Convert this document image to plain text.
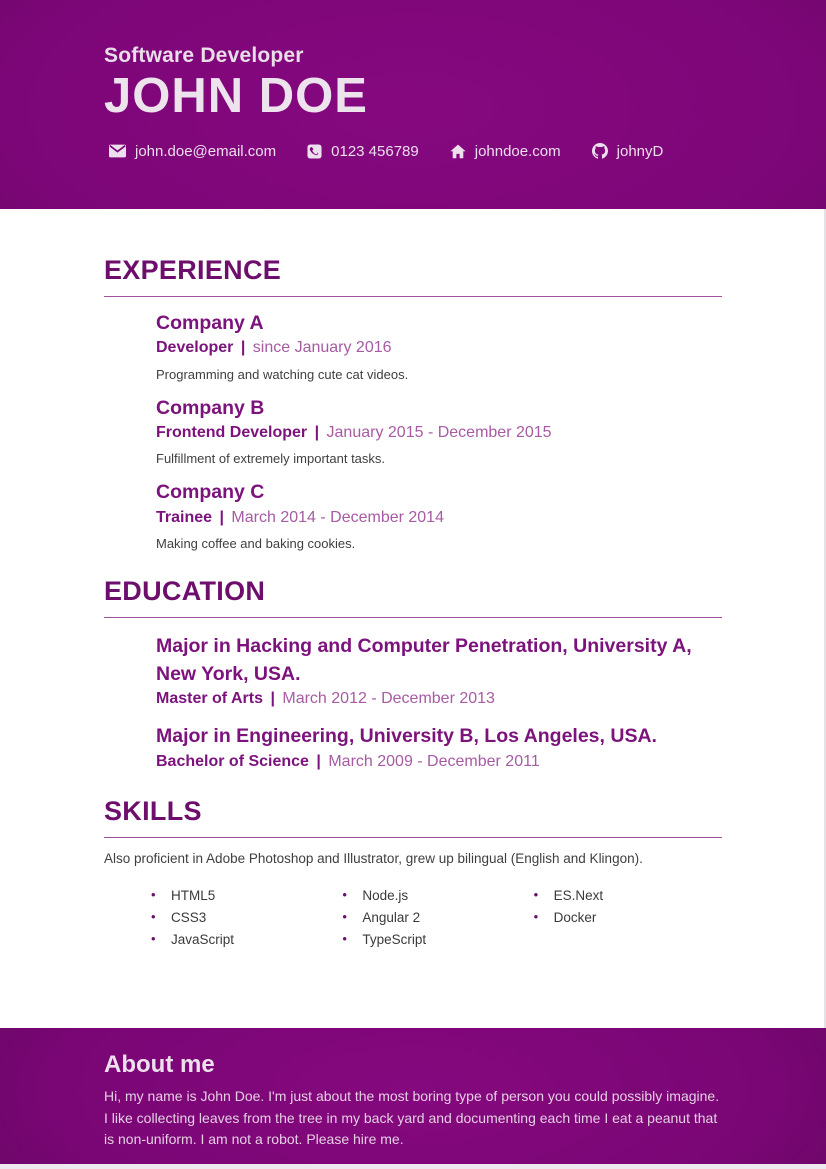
Software Developer
JOHN DOE
john.doe@email.com	0123 456789	johndoe.com	johnyD
EXPERIENCE
Company A
Developer | since January 2016
Programming and watching cute cat videos.
Company B
Frontend Developer | January 2015 - December 2015
Fulfillment of extremely important tasks.
Company C
Trainee | March 2014 - December 2014
Making coffee and baking cookies.
EDUCATION
Major in Hacking and Computer Penetration, University A, New York, USA.
Master of Arts | March 2012 - December 2013
Major in Engineering, University B, Los Angeles, USA.
Bachelor of Science | March 2009 - December 2011
SKILLS
Also proficient in Adobe Photoshop and Illustrator, grew up bilingual (English and Klingon).
• HTML5
• CSS3
• JavaScript
• Node.js
• Angular 2
• TypeScript
• ES.Next
• Docker
About me
Hi, my name is John Doe. I'm just about the most boring type of person you could possibly imagine. I like collecting leaves from the tree in my back yard and documenting each time I eat a peanut that is non-uniform. I am not a robot. Please hire me.
